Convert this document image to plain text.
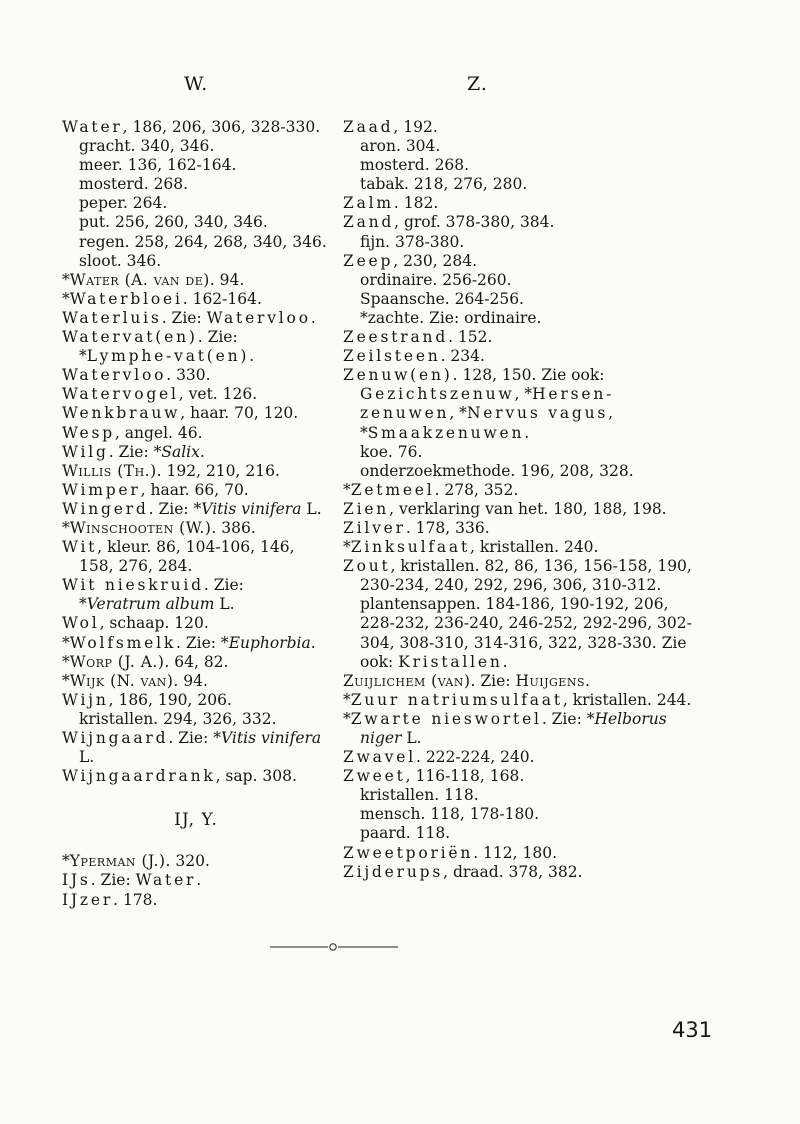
W.	Z.
Water, 186, 206, 306, 328-330.
gracht. 340, 346.
meer. 136, 162-164.
mosterd. 268.
peper. 264.
put. 256, 260, 340, 346.
regen. 258, 264, 268, 340, 346.
sloot. 346.
*Water (A. van de). 94.
*Waterbloei. 162-164.
Waterluis. Zie: Watervloo.
Watervat(en). Zie: *Lymphe-vat(en).
Watervloo. 330.
Watervogel, vet. 126.
Wenkbrauw, haar. 70, 120.
Wesp, angel. 46.
Wilg. Zie: *Salix.
Willis (Th.). 192, 210, 216.
Wimper, haar. 66, 70.
Wingerd. Zie: *Vitis vinifera L.
*Winschooten (W.). 386.
Wit, kleur. 86, 104-106, 146, 158, 276, 284.
Wit nieskruid. Zie: *Veratrum album L.
Wol, schaap. 120.
*Wolfsmelk. Zie: *Euphorbia.
*Worp (J. A.). 64, 82.
*Wijk (N. van). 94.
Wijn, 186, 190, 206.
kristallen. 294, 326, 332.
Wijngaard. Zie: *Vitis vinifera L.
Wijngaardrank, sap. 308.
IJ, Y.
*Yperman (J.). 320.
IJs. Zie: Water.
IJzer. 178.
Zaad, 192.
aron. 304.
mosterd. 268.
tabak. 218, 276, 280.
Zalm. 182.
Zand, grof. 378-380, 384.
fijn. 378-380.
Zeep, 230, 284.
ordinaire. 256-260.
Spaansche. 264-256.
*zachte. Zie: ordinaire.
Zeestrand. 152.
Zeilsteen. 234.
Zenuw(en). 128, 150. Zie ook: Gezichtszenuw, *Hersen-zenuwen, *Nervus vagus, *Smaakzenuwen.
koe. 76.
onderzoekmethode. 196, 208, 328.
*Zetmeel. 278, 352.
Zien, verklaring van het. 180, 188, 198.
Zilver. 178, 336.
*Zinksulfaat, kristallen. 240.
Zout, kristallen. 82, 86, 136, 156-158, 190, 230-234, 240, 292, 296, 306, 310-312.
plantensappen. 184-186, 190-192, 206, 228-232, 236-240, 246-252, 292-296, 302-304, 308-310, 314-316, 322, 328-330. Zie ook: Kristallen.
Zuijlichem (van). Zie: Huijgens.
*Zuur natriumsulfaat, kristallen. 244.
*Zwarte nieswortel. Zie: *Helborus niger L.
Zwavel. 222-224, 240.
Zweet, 116-118, 168.
kristallen. 118.
mensch. 118, 178-180.
paard. 118.
Zweetporiën. 112, 180.
Zijderups, draad. 378, 382.
431
